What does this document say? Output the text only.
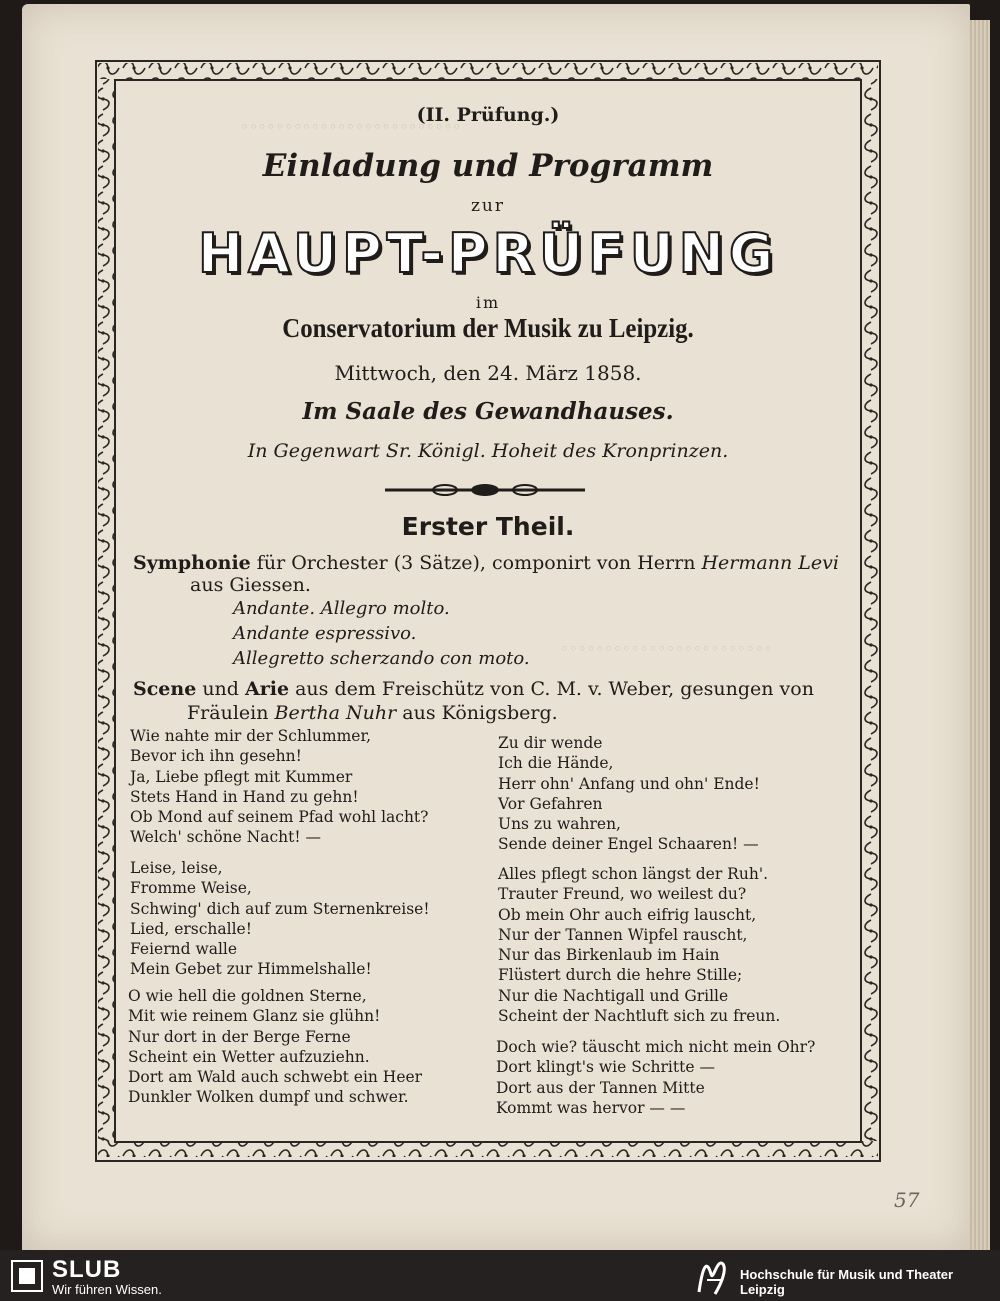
◦◦◦◦◦◦◦◦◦◦◦◦◦◦◦◦◦◦◦◦◦◦◦◦◦
◦◦◦◦◦◦◦◦◦◦◦◦◦◦◦◦◦◦◦◦◦◦◦◦
(II. Prüfung.)
Einladung und Programm
zur
HAUPT-PRÜFUNG
im
Conservatorium der Musik zu Leipzig.
Mittwoch, den 24. März 1858.
Im Saale des Gewandhauses.
In Gegenwart Sr. Königl. Hoheit des Kronprinzen.
Erster Theil.
Symphonie für Orchester (3 Sätze), componirt von Herrn Hermann Levi
aus Giessen.
Andante. Allegro molto.
Andante espressivo.
Allegretto scherzando con moto.
Scene und Arie aus dem Freischütz von C. M. v. Weber, gesungen von
Fräulein Bertha Nuhr aus Königsberg.
Wie nahte mir der Schlummer,
Bevor ich ihn gesehn!
Ja, Liebe pflegt mit Kummer
Stets Hand in Hand zu gehn!
Ob Mond auf seinem Pfad wohl lacht?
Welch' schöne Nacht! —
Leise, leise,
Fromme Weise,
Schwing' dich auf zum Sternenkreise!
Lied, erschalle!
Feiernd walle
Mein Gebet zur Himmelshalle!
O wie hell die goldnen Sterne,
Mit wie reinem Glanz sie glühn!
Nur dort in der Berge Ferne
Scheint ein Wetter aufzuziehn.
Dort am Wald auch schwebt ein Heer
Dunkler Wolken dumpf und schwer.
Zu dir wende
Ich die Hände,
Herr ohn' Anfang und ohn' Ende!
Vor Gefahren
Uns zu wahren,
Sende deiner Engel Schaaren! —
Alles pflegt schon längst der Ruh'.
Trauter Freund, wo weilest du?
Ob mein Ohr auch eifrig lauscht,
Nur der Tannen Wipfel rauscht,
Nur das Birkenlaub im Hain
Flüstert durch die hehre Stille;
Nur die Nachtigall und Grille
Scheint der Nachtluft sich zu freun.
Doch wie? täuscht mich nicht mein Ohr?
Dort klingt's wie Schritte —
Dort aus der Tannen Mitte
Kommt was hervor — —
57
SLUB
Wir führen Wissen.
Hochschule für Musik und Theater Leipzig
